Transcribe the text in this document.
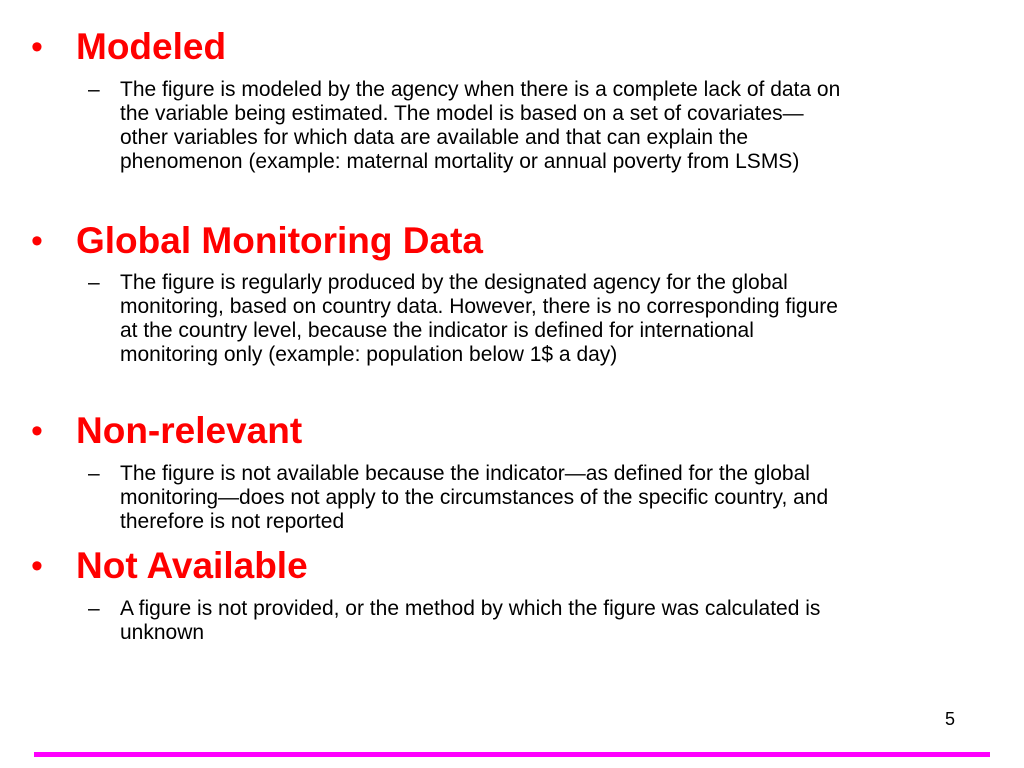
• Modeled
– The figure is modeled by the agency when there is a complete lack of data on
the variable being estimated. The model is based on a set of covariates—
other variables for which data are available and that can explain the
phenomenon (example: maternal mortality or annual poverty from LSMS)

• Global Monitoring Data
– The figure is regularly produced by the designated agency for the global
monitoring, based on country data. However, there is no corresponding figure
at the country level, because the indicator is defined for international
monitoring only (example: population below 1$ a day)

• Non-relevant
– The figure is not available because the indicator—as defined for the global
monitoring—does not apply to the circumstances of the specific country, and
therefore is not reported

• Not Available
– A figure is not provided, or the method by which the figure was calculated is
unknown

5
